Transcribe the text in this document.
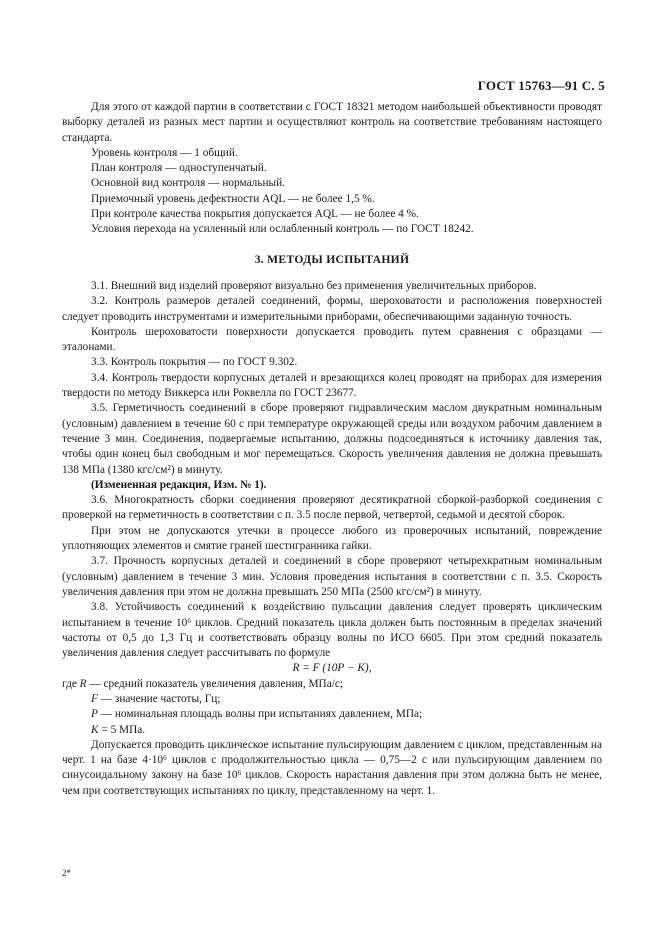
ГОСТ 15763—91 С. 5

Для этого от каждой партии в соответствии с ГОСТ 18321 методом наибольшей объективности проводят выборку деталей из разных мест партии и осуществляют контроль на соответствие требованиям настоящего стандарта.

Уровень контроля — 1 общий.

План контроля — одноступенчатый.

Основной вид контроля — нормальный.

Приемочный уровень дефектности AQL — не более 1,5 %.

При контроле качества покрытия допускается AQL — не более 4 %.

Условия перехода на усиленный или ослабленный контроль — по ГОСТ 18242.

3. МЕТОДЫ ИСПЫТАНИЙ

3.1. Внешний вид изделий проверяют визуально без применения увеличительных приборов.

3.2. Контроль размеров деталей соединений, формы, шероховатости и расположения поверхностей следует проводить инструментами и измерительными приборами, обеспечивающими заданную точность.

Контроль шероховатости поверхности допускается проводить путем сравнения с образцами — эталонами.

3.3. Контроль покрытия — по ГОСТ 9.302.

3.4. Контроль твердости корпусных деталей и врезающихся колец проводят на приборах для измерения твердости по методу Виккерса или Роквелла по ГОСТ 23677.

3.5. Герметичность соединений в сборе проверяют гидравлическим маслом двукратным номинальным (условным) давлением в течение 60 с при температуре окружающей среды или воздухом рабочим давлением в течение 3 мин. Соединения, подвергаемые испытанию, должны подсоединяться к источнику давления так, чтобы один конец был свободным и мог перемещаться. Скорость увеличения давления не должна превышать 138 МПа (1380 кгс/см²) в минуту.

(Измененная редакция, Изм. № 1).

3.6. Многократность сборки соединения проверяют десятикратной сборкой-разборкой соединения с проверкой на герметичность в соответствии с п. 3.5 после первой, четвертой, седьмой и десятой сборок.

При этом не допускаются утечки в процессе любого из проверочных испытаний, повреждение уплотняющих элементов и смятие граней шестигранника гайки.

3.7. Прочность корпусных деталей и соединений в сборе проверяют четырехкратным номинальным (условным) давлением в течение 3 мин. Условия проведения испытания в соответствии с п. 3.5. Скорость увеличения давления при этом не должна превышать 250 МПа (2500 кгс/см²) в минуту.

3.8. Устойчивость соединений к воздействию пульсации давления следует проверять циклическим испытанием в течение 10⁶ циклов. Средний показатель цикла должен быть постоянным в пределах значений частоты от 0,5 до 1,3 Гц и соответствовать образцу волны по ИСО 6605. При этом средний показатель увеличения давления следует рассчитывать по формуле

R = F (10P − K),

где R — средний показатель увеличения давления, МПа/с;

F — значение частоты, Гц;

P — номинальная площадь волны при испытаниях давлением, МПа;

K = 5 МПа.

Допускается проводить циклическое испытание пульсирующим давлением с циклом, представленным на черт. 1 на базе 4·10⁶ циклов с продолжительностью цикла — 0,75—2 с или пульсирующим давлением по синусоидальному закону на базе 10⁶ циклов. Скорость нарастания давления при этом должна быть не менее, чем при соответствующих испытаниях по циклу, представленному на черт. 1.

2*
